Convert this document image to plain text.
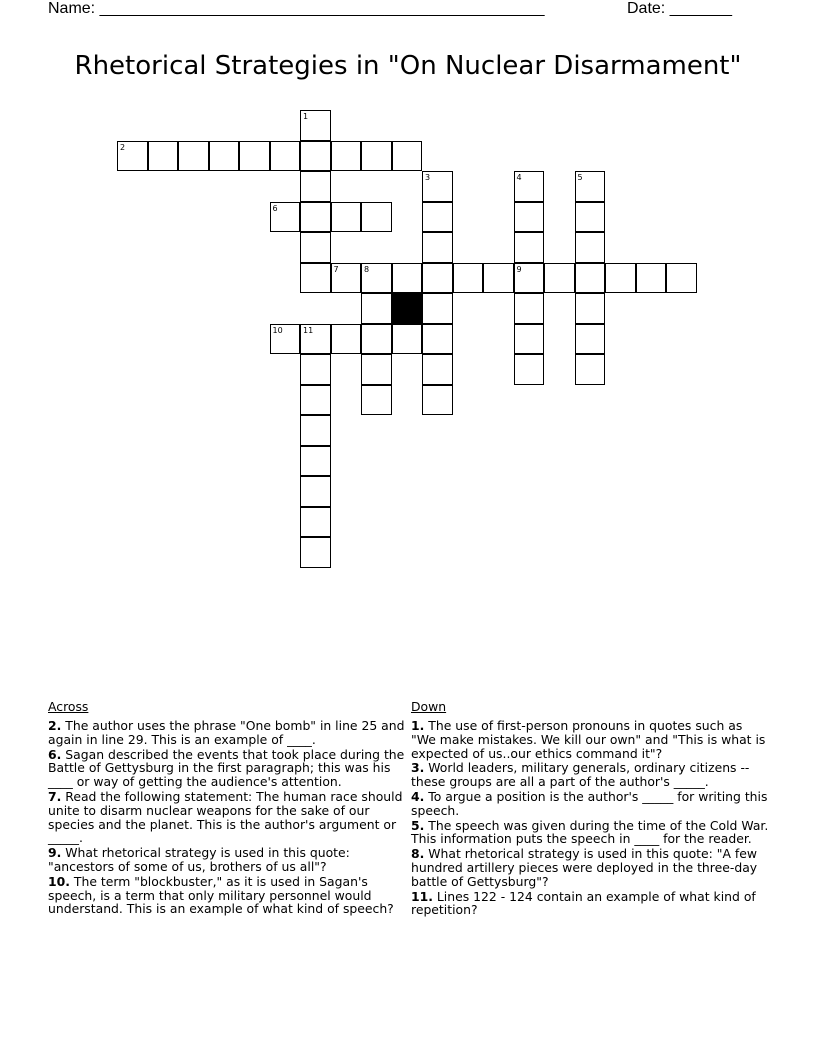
Name: __________________________________________________	Date: _______
Rhetorical Strategies in "On Nuclear Disarmament"
1
2
3	4
9
5
6
7	8
10	11
Across
2. The author uses the phrase "One bomb" in line 25 and again in line 29. This is an example of ____.
6. Sagan described the events that took place during the Battle of Gettysburg in the first paragraph; this was his ____ or way of getting the audience's attention.
7. Read the following statement: The human race should unite to disarm nuclear weapons for the sake of our species and the planet. This is the author's argument or _____.
9. What rhetorical strategy is used in this quote: "ancestors of some of us, brothers of us all"?
10. The term "blockbuster," as it is used in Sagan's speech, is a term that only military personnel would understand. This is an example of what kind of speech?
Down
1. The use of first-person pronouns in quotes such as "We make mistakes. We kill our own" and "This is what is expected of us..our ethics command it"?
3. World leaders, military generals, ordinary citizens -- these groups are all a part of the author's _____.
4. To argue a position is the author's _____ for writing this speech.
5. The speech was given during the time of the Cold War. This information puts the speech in ____ for the reader.
8. What rhetorical strategy is used in this quote: "A few hundred artillery pieces were deployed in the three-day battle of Gettysburg"?
11. Lines 122 - 124 contain an example of what kind of repetition?
